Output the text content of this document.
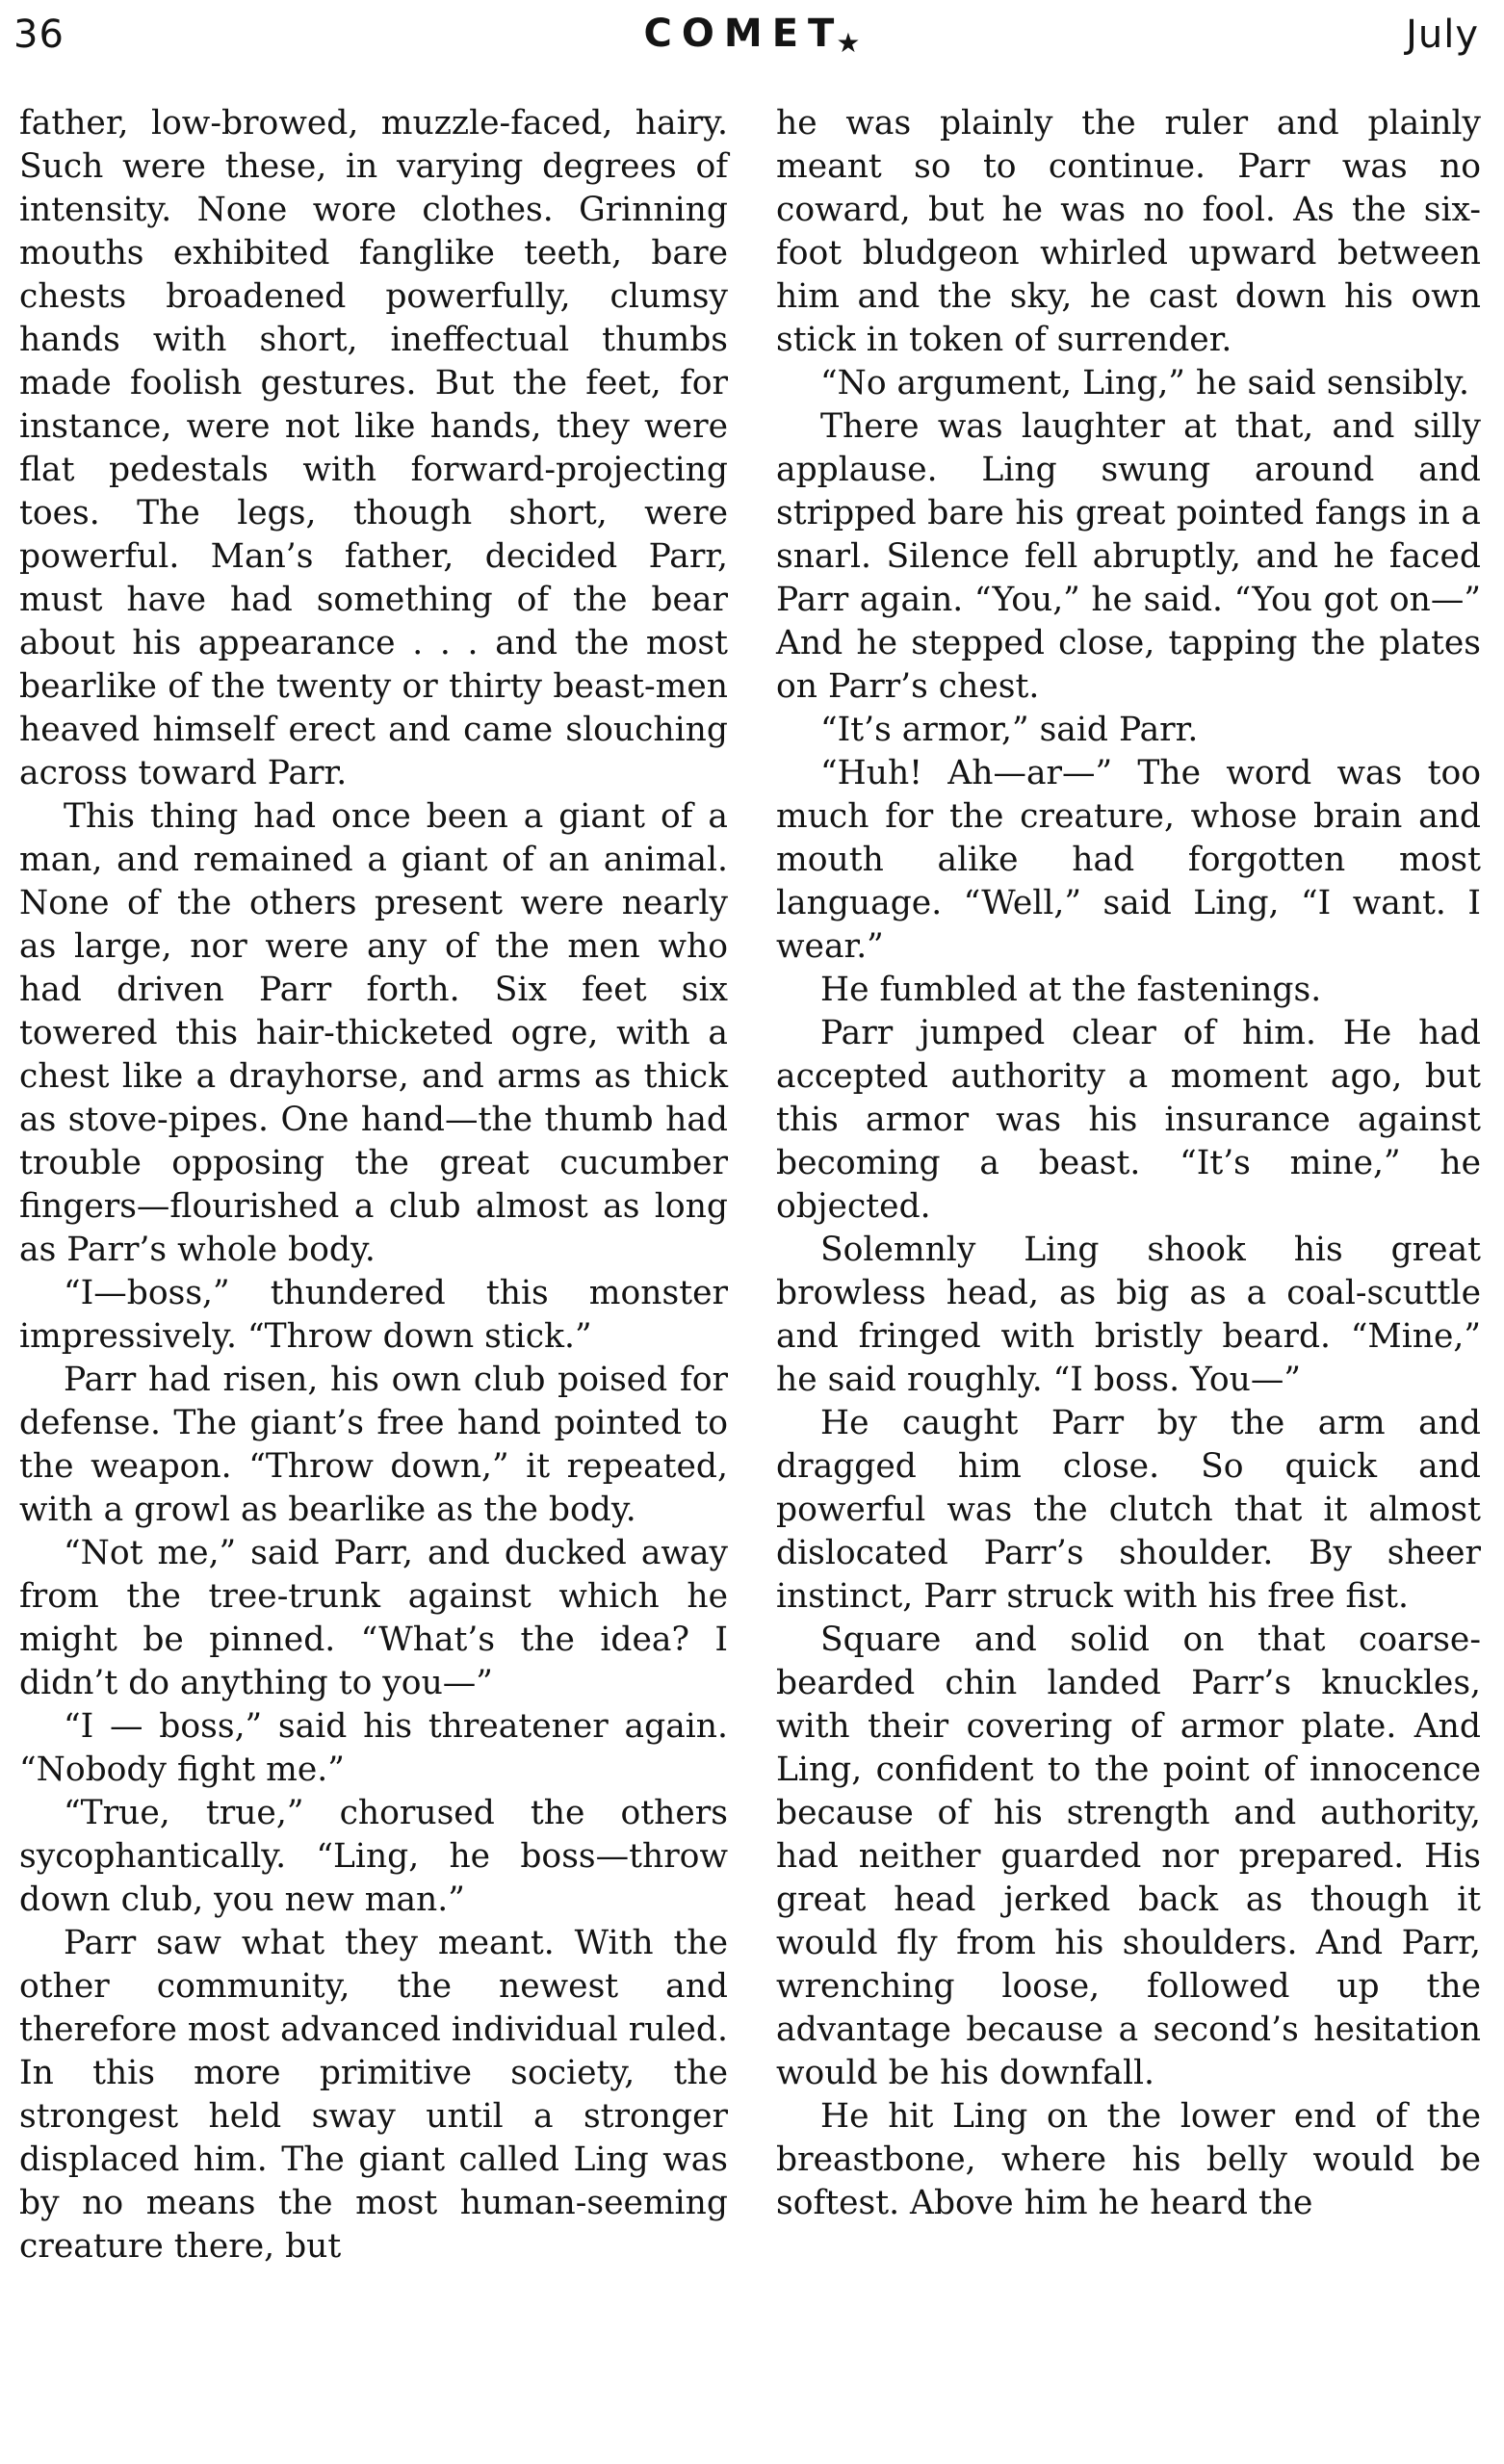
36	COMET★	July

father, low-browed, muzzle-faced, hairy. Such were these, in varying degrees of intensity. None wore clothes. Grinning mouths exhibited fanglike teeth, bare chests broadened powerfully, clumsy hands with short, ineffectual thumbs made foolish gestures. But the feet, for instance, were not like hands, they were flat pedestals with forward-projecting toes. The legs, though short, were powerful. Man’s father, decided Parr, must have had something of the bear about his appearance . . . and the most bearlike of the twenty or thirty beast-men heaved himself erect and came slouching across toward Parr.

This thing had once been a giant of a man, and remained a giant of an animal. None of the others present were nearly as large, nor were any of the men who had driven Parr forth. Six feet six towered this hair-thicketed ogre, with a chest like a drayhorse, and arms as thick as stove-pipes. One hand—the thumb had trouble opposing the great cucumber fingers—flourished a club almost as long as Parr’s whole body.

“I—boss,” thundered this monster impressively. “Throw down stick.”

Parr had risen, his own club poised for defense. The giant’s free hand pointed to the weapon. “Throw down,” it repeated, with a growl as bearlike as the body.

“Not me,” said Parr, and ducked away from the tree-trunk against which he might be pinned. “What’s the idea? I didn’t do anything to you—”

“I — boss,” said his threatener again. “Nobody fight me.”

“True, true,” chorused the others sycophantically. “Ling, he boss—throw down club, you new man.”

Parr saw what they meant. With the other community, the newest and therefore most advanced individual ruled. In this more primitive society, the strongest held sway until a stronger displaced him. The giant called Ling was by no means the most human-seeming creature there, but

he was plainly the ruler and plainly meant so to continue. Parr was no coward, but he was no fool. As the six-foot bludgeon whirled upward between him and the sky, he cast down his own stick in token of surrender.

“No argument, Ling,” he said sensibly.

There was laughter at that, and silly applause. Ling swung around and stripped bare his great pointed fangs in a snarl. Silence fell abruptly, and he faced Parr again. “You,” he said. “You got on—” And he stepped close, tapping the plates on Parr’s chest.

“It’s armor,” said Parr.

“Huh! Ah—ar—” The word was too much for the creature, whose brain and mouth alike had forgotten most language. “Well,” said Ling, “I want. I wear.”

He fumbled at the fastenings.

Parr jumped clear of him. He had accepted authority a moment ago, but this armor was his insurance against becoming a beast. “It’s mine,” he objected.

Solemnly Ling shook his great browless head, as big as a coal-scuttle and fringed with bristly beard. “Mine,” he said roughly. “I boss. You—”

He caught Parr by the arm and dragged him close. So quick and powerful was the clutch that it almost dislocated Parr’s shoulder. By sheer instinct, Parr struck with his free fist.

Square and solid on that coarse-bearded chin landed Parr’s knuckles, with their covering of armor plate. And Ling, confident to the point of innocence because of his strength and authority, had neither guarded nor prepared. His great head jerked back as though it would fly from his shoulders. And Parr, wrenching loose, followed up the advantage because a second’s hesitation would be his downfall.

He hit Ling on the lower end of the breastbone, where his belly would be softest. Above him he heard the
